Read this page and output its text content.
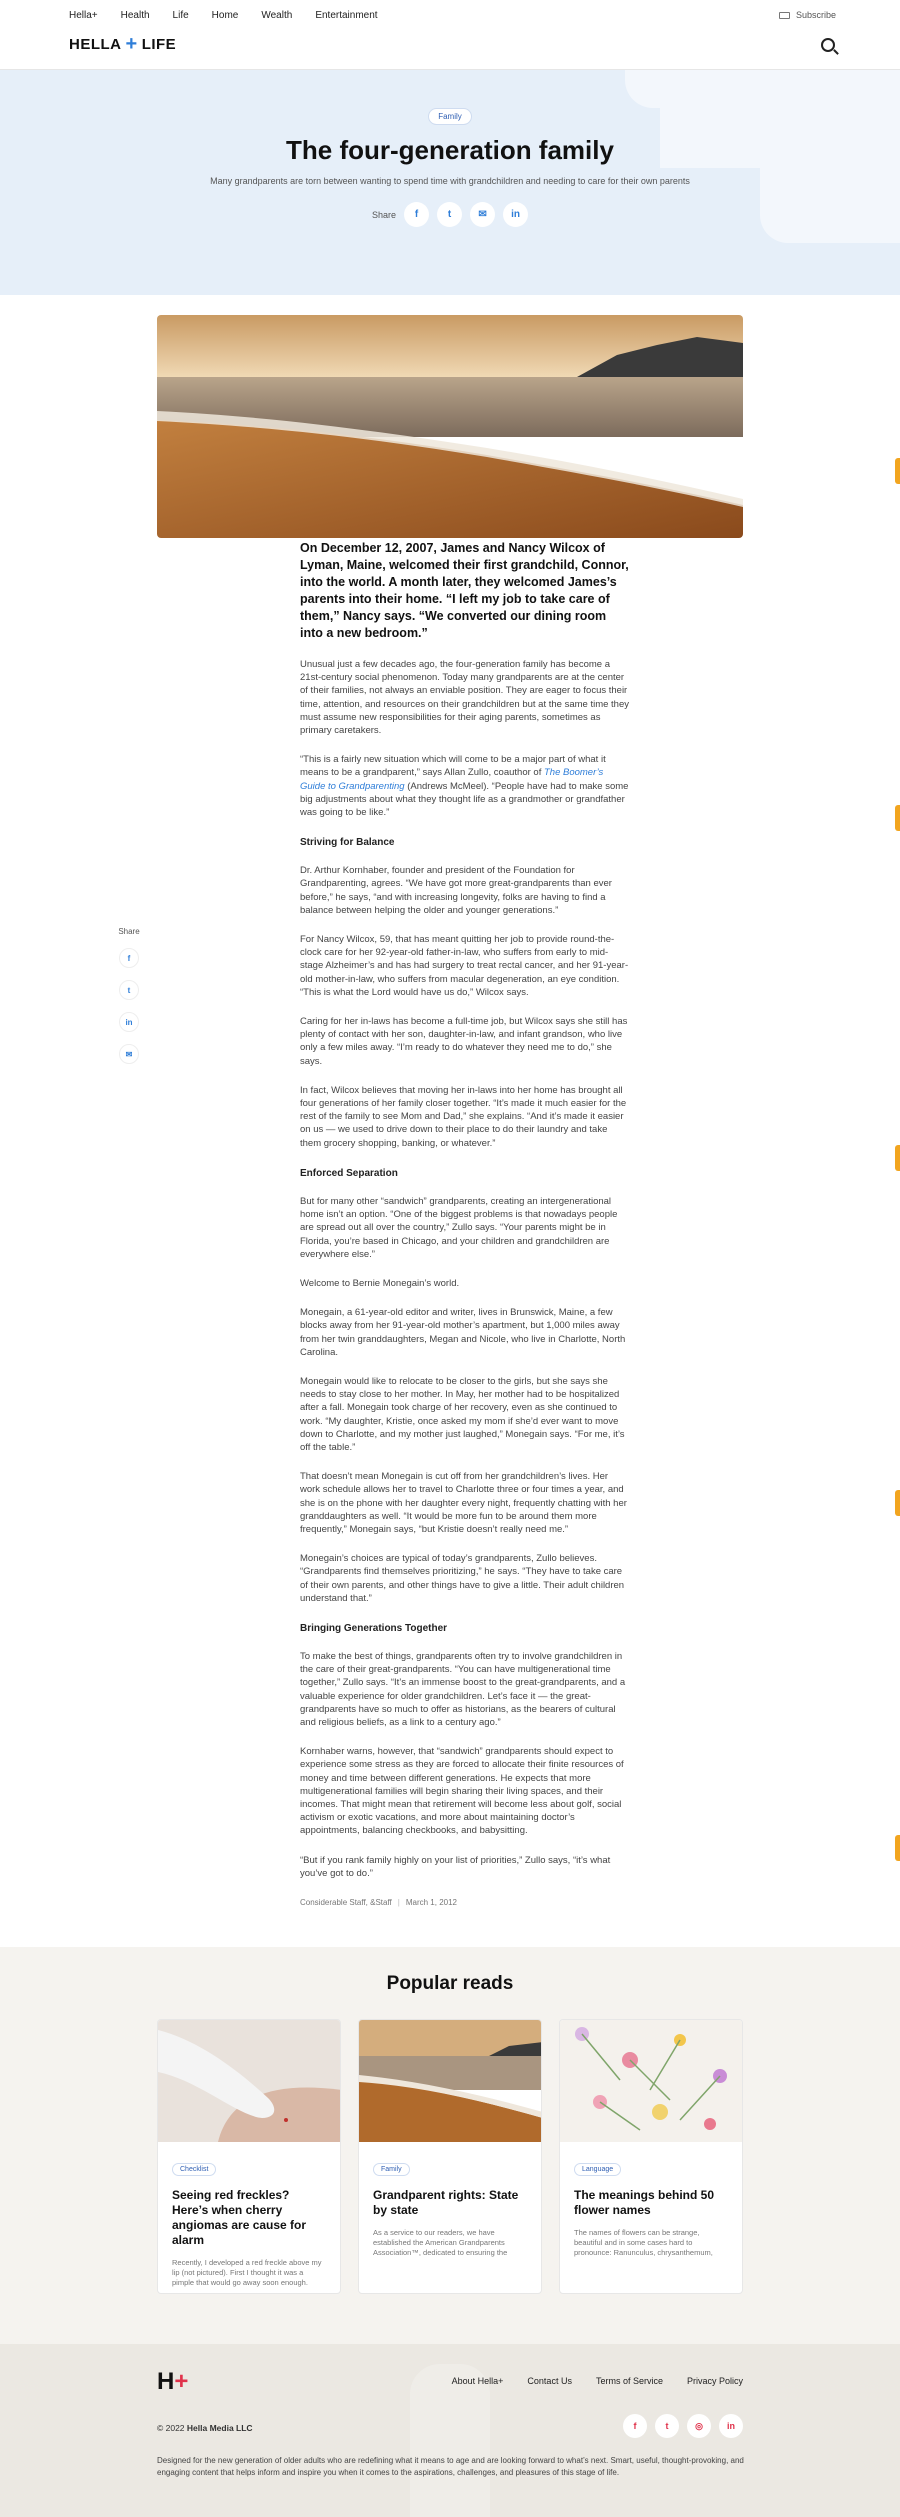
Hella+ Health Life Home Wealth Entertainment	Subscribe
HELLA + LIFE
Family
The four-generation family

Many grandparents are torn between wanting to spend time with grandchildren and needing to care for their own parents

Share	f	t	✉	in
Share
f
t
in
✉

On December 12, 2007, James and Nancy Wilcox of Lyman, Maine, welcomed their first grandchild, Connor, into the world. A month later, they welcomed James’s parents into their home. “I left my job to take care of them,” Nancy says. “We converted our dining room into a new bedroom.”

Unusual just a few decades ago, the four-generation family has become a 21st-century social phenomenon. Today many grandparents are at the center of their families, not always an enviable position. They are eager to focus their time, attention, and resources on their grandchildren but at the same time they must assume new responsibilities for their aging parents, sometimes as primary caretakers.

“This is a fairly new situation which will come to be a major part of what it means to be a grandparent,” says Allan Zullo, coauthor of The Boomer’s Guide to Grandparenting (Andrews McMeel). “People have had to make some big adjustments about what they thought life as a grandmother or grandfather was going to be like.”

Striving for Balance

Dr. Arthur Kornhaber, founder and president of the Foundation for Grandparenting, agrees. “We have got more great-grandparents than ever before,” he says, “and with increasing longevity, folks are having to find a balance between helping the older and younger generations.”

For Nancy Wilcox, 59, that has meant quitting her job to provide round-the-clock care for her 92-year-old father-in-law, who suffers from early to mid-stage Alzheimer’s and has had surgery to treat rectal cancer, and her 91-year-old mother-in-law, who suffers from macular degeneration, an eye condition. “This is what the Lord would have us do,” Wilcox says.

Caring for her in-laws has become a full-time job, but Wilcox says she still has plenty of contact with her son, daughter-in-law, and infant grandson, who live only a few miles away. “I’m ready to do whatever they need me to do,” she says.

In fact, Wilcox believes that moving her in-laws into her home has brought all four generations of her family closer together. “It’s made it much easier for the rest of the family to see Mom and Dad,” she explains. “And it’s made it easier on us — we used to drive down to their place to do their laundry and take them grocery shopping, banking, or whatever.”

Enforced Separation

But for many other “sandwich” grandparents, creating an intergenerational home isn’t an option. “One of the biggest problems is that nowadays people are spread out all over the country,” Zullo says. “Your parents might be in Florida, you’re based in Chicago, and your children and grandchildren are everywhere else.”

Welcome to Bernie Monegain’s world.

Monegain, a 61-year-old editor and writer, lives in Brunswick, Maine, a few blocks away from her 91-year-old mother’s apartment, but 1,000 miles away from her twin granddaughters, Megan and Nicole, who live in Charlotte, North Carolina.

Monegain would like to relocate to be closer to the girls, but she says she needs to stay close to her mother. In May, her mother had to be hospitalized after a fall. Monegain took charge of her recovery, even as she continued to work. “My daughter, Kristie, once asked my mom if she’d ever want to move down to Charlotte, and my mother just laughed,” Monegain says. “For me, it’s off the table.”

That doesn’t mean Monegain is cut off from her grandchildren’s lives. Her work schedule allows her to travel to Charlotte three or four times a year, and she is on the phone with her daughter every night, frequently chatting with her granddaughters as well. “It would be more fun to be around them more frequently,” Monegain says, “but Kristie doesn’t really need me.”

Monegain’s choices are typical of today’s grandparents, Zullo believes. “Grandparents find themselves prioritizing,” he says. “They have to take care of their own parents, and other things have to give a little. Their adult children understand that.”

Bringing Generations Together

To make the best of things, grandparents often try to involve grandchildren in the care of their great-grandparents. “You can have multigenerational time together,” Zullo says. “It’s an immense boost to the great-grandparents, and a valuable experience for older grandchildren. Let’s face it — the great-grandparents have so much to offer as historians, as the bearers of cultural and religious beliefs, as a link to a century ago.”

Kornhaber warns, however, that “sandwich” grandparents should expect to experience some stress as they are forced to allocate their finite resources of money and time between different generations. He expects that more multigenerational families will begin sharing their living spaces, and their incomes. That might mean that retirement will become less about golf, social activism or exotic vacations, and more about maintaining doctor’s appointments, balancing checkbooks, and babysitting.

“But if you rank family highly on your list of priorities,” Zullo says, “it’s what you’ve got to do.”

Considerable Staff, &Staff | March 1, 2012
Popular reads
Checklist
Seeing red freckles? Here’s when cherry angiomas are cause for alarm
Recently, I developed a red freckle above my lip (not pictured). First I thought it was a pimple that would go away soon enough.
Family
Grandparent rights: State by state
As a service to our readers, we have established the American Grandparents Association™, dedicated to ensuring the
Language
The meanings behind 50 flower names
The names of flowers can be strange, beautiful and in some cases hard to pronounce: Ranunculus, chrysanthemum,
H+	About Hella+	Contact Us	Terms of Service	Privacy Policy
© 2022 Hella Media LLC	f	t	◎	in

Designed for the new generation of older adults who are redefining what it means to age and are looking forward to what’s next. Smart, useful, thought-provoking, and engaging content that helps inform and inspire you when it comes to the aspirations, challenges, and pleasures of this stage of life.
